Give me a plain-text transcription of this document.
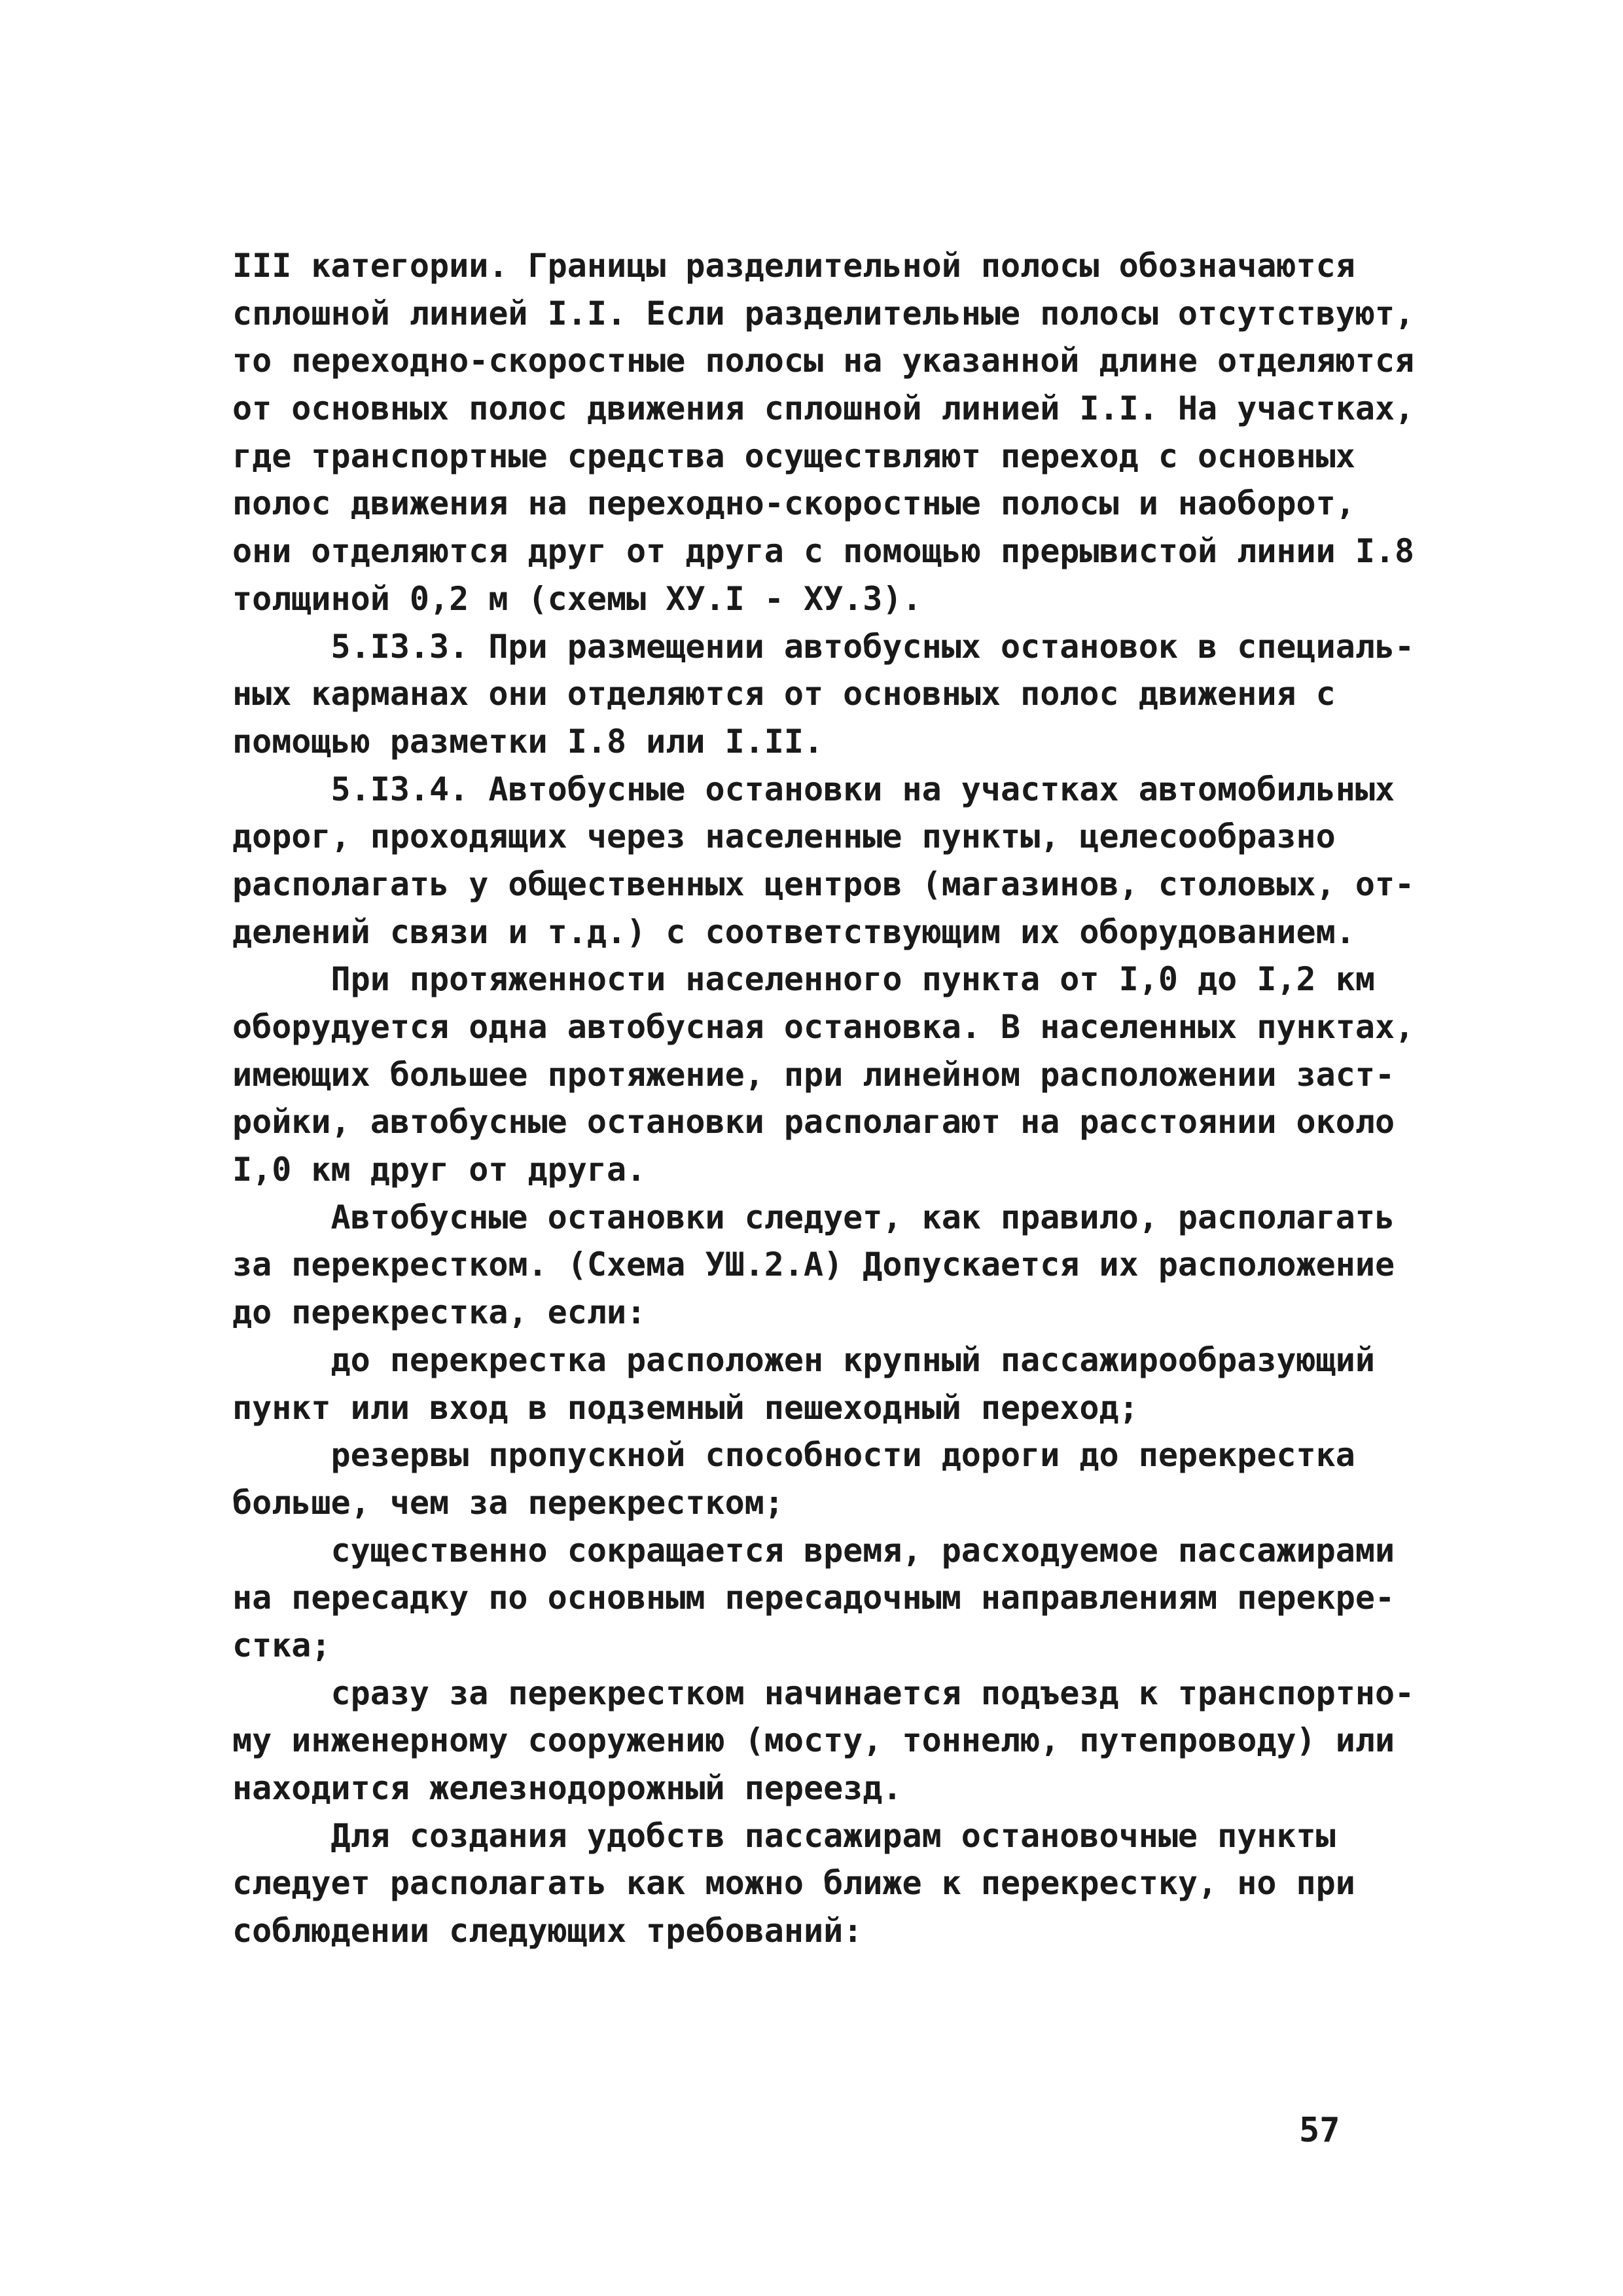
III категории. Границы разделительной полосы обозначаются
сплошной линией I.I. Если разделительные полосы отсутствуют,
то переходно-скоростные полосы на указанной длине отделяются
от основных полос движения сплошной линией I.I. На участках,
где транспортные средства осуществляют переход с основных
полос движения на переходно-скоростные полосы и наоборот,
они отделяются друг от друга с помощью прерывистой линии I.8
толщиной 0,2 м (схемы ХУ.I - ХУ.3).
5.I3.3. При размещении автобусных остановок в специаль-
ных карманах они отделяются от основных полос движения с
помощью разметки I.8 или I.II.
5.I3.4. Автобусные остановки на участках автомобильных
дорог, проходящих через населенные пункты, целесообразно
располагать у общественных центров (магазинов, столовых, от-
делений связи и т.д.) с соответствующим их оборудованием.
При протяженности населенного пункта от I,0 до I,2 км
оборудуется одна автобусная остановка. В населенных пунктах,
имеющих большее протяжение, при линейном расположении заст-
ройки, автобусные остановки располагают на расстоянии около
I,0 км друг от друга.
Автобусные остановки следует, как правило, располагать
за перекрестком. (Схема УШ.2.А) Допускается их расположение
до перекрестка, если:
до перекрестка расположен крупный пассажирообразующий
пункт или вход в подземный пешеходный переход;
резервы пропускной способности дороги до перекрестка
больше, чем за перекрестком;
существенно сокращается время, расходуемое пассажирами
на пересадку по основным пересадочным направлениям перекре-
стка;
сразу за перекрестком начинается подъезд к транспортно-
му инженерному сооружению (мосту, тоннелю, путепроводу) или
находится железнодорожный переезд.
Для создания удобств пассажирам остановочные пункты
следует располагать как можно ближе к перекрестку, но при
соблюдении следующих требований:
57
